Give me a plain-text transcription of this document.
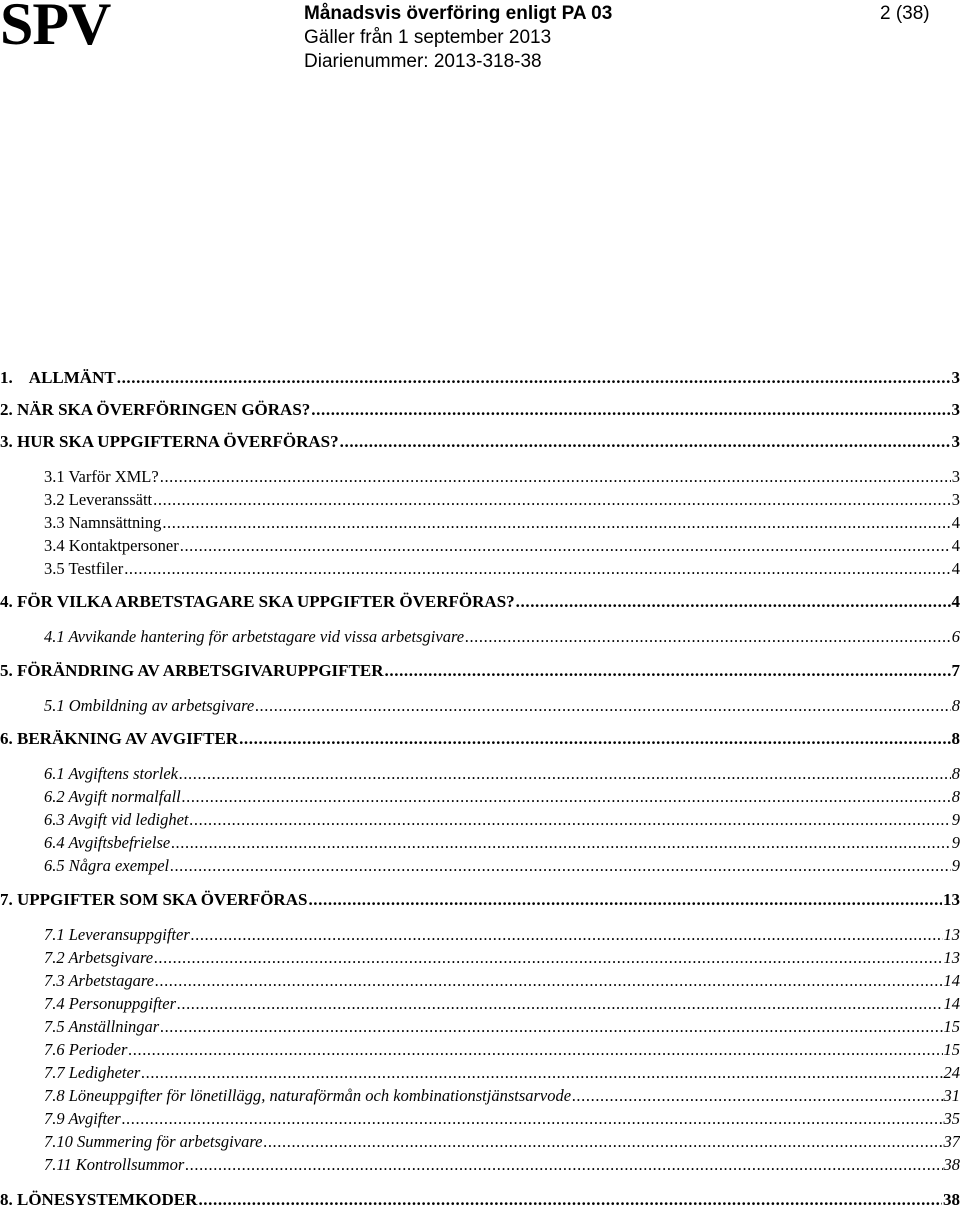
SPV	Månadsvis överföring enligt PA 03
Gäller från 1 september 2013
Diarienummer: 2013-318-38
2 (38)
1.    ALLMÄNT .....	3
2. NÄR SKA ÖVERFÖRINGEN GÖRAS? .....	3
3. HUR SKA UPPGIFTERNA ÖVERFÖRAS? .....	3
3.1 Varför XML? .....	3
3.2 Leveranssätt .....	3
3.3 Namnsättning .....	4
3.4 Kontaktpersoner .....	4
3.5 Testfiler .....	4
4. FÖR VILKA ARBETSTAGARE SKA UPPGIFTER ÖVERFÖRAS? .....	4
4.1 Avvikande hantering för arbetstagare vid vissa arbetsgivare .....	6
5. FÖRÄNDRING AV ARBETSGIVARUPPGIFTER .....	7
5.1 Ombildning av arbetsgivare .....	8
6. BERÄKNING AV AVGIFTER .....	8
6.1 Avgiftens storlek .....	8
6.2 Avgift normalfall .....	8
6.3 Avgift vid ledighet .....	9
6.4 Avgiftsbefrielse .....	9
6.5 Några exempel .....	9
7. UPPGIFTER SOM SKA ÖVERFÖRAS .....	13
7.1 Leveransuppgifter .....	13
7.2 Arbetsgivare .....	13
7.3 Arbetstagare .....	14
7.4 Personuppgifter .....	14
7.5 Anställningar .....	15
7.6 Perioder .....	15
7.7 Ledigheter .....	24
7.8 Löneuppgifter för lönetillägg, naturaförmån och kombinationstjänstsarvode .....	31
7.9 Avgifter .....	35
7.10 Summering för arbetsgivare .....	37
7.11 Kontrollsummor .....	38
8. LÖNESYSTEMKODER .....	38
